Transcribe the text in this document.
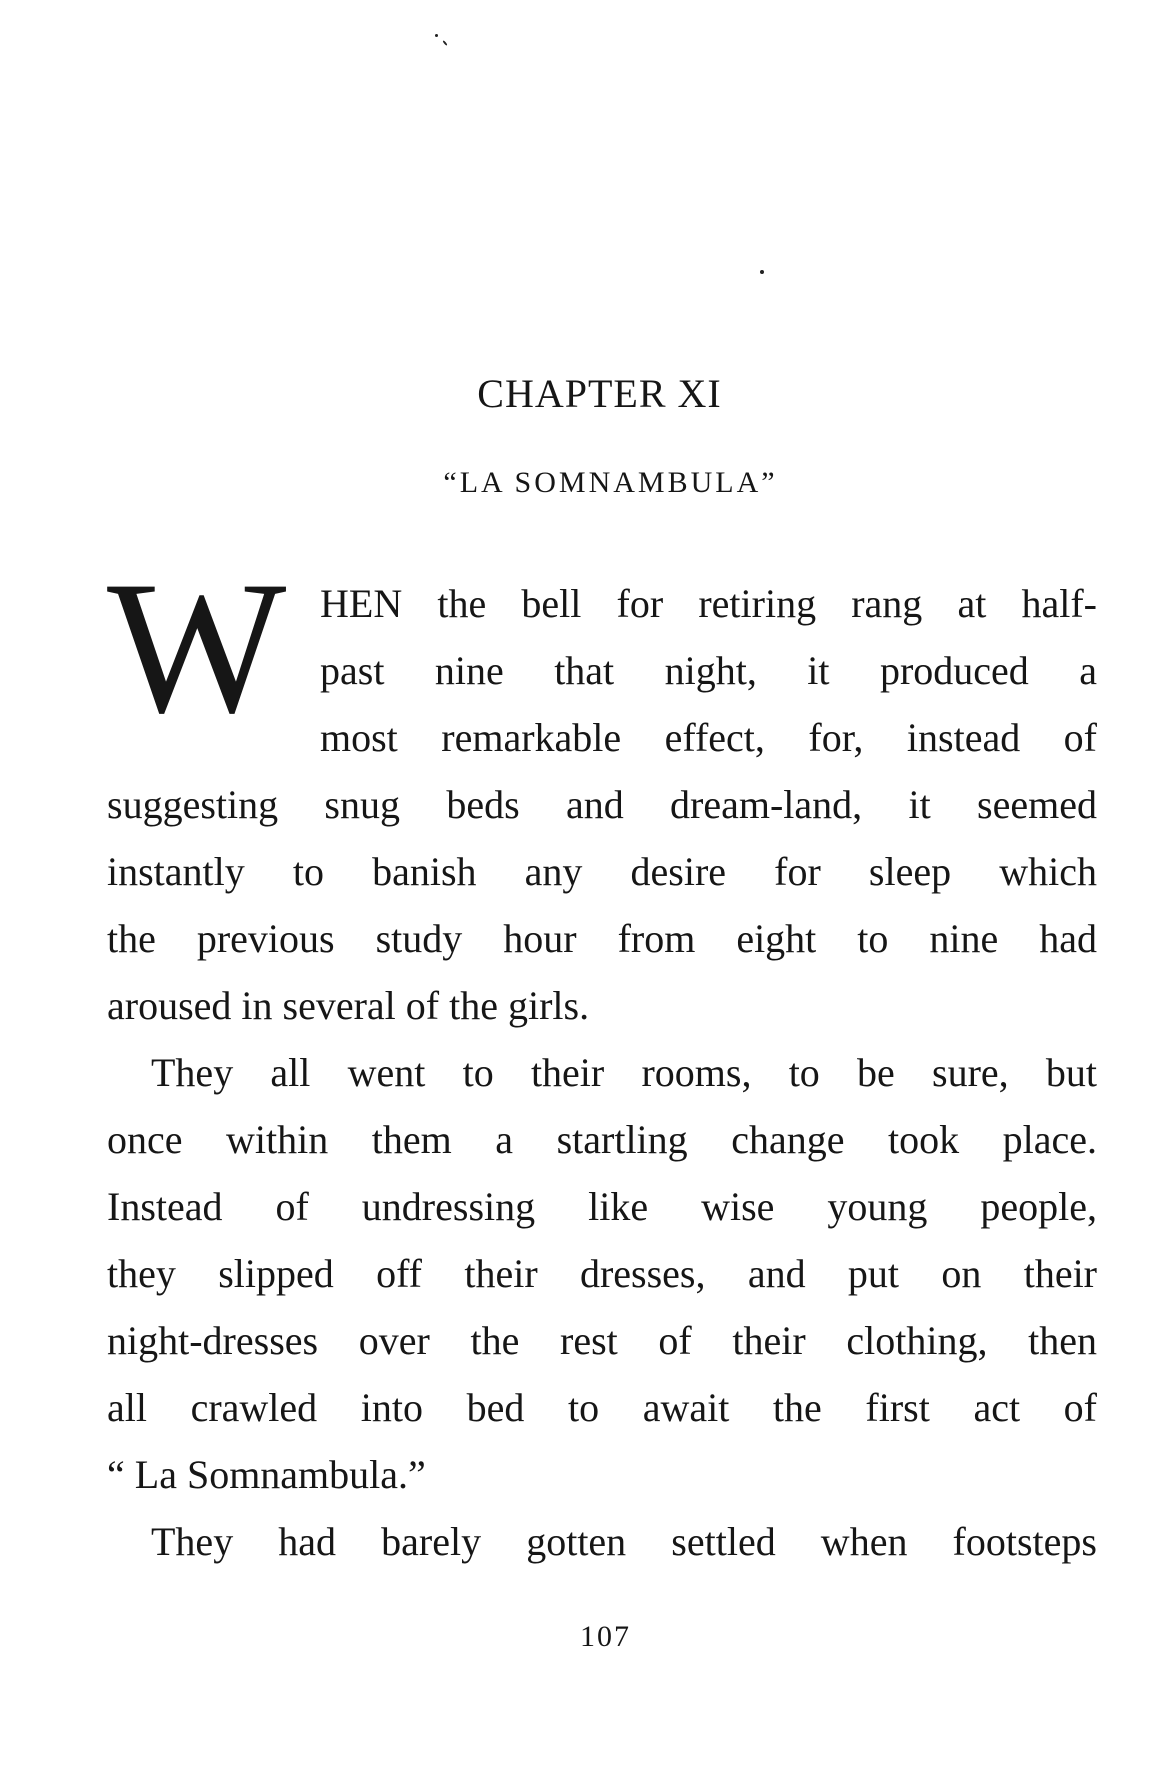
CHAPTER XI
“LA SOMNAMBULA”
W HEN the bell for retiring rang at half-
past nine that night, it produced a
most remarkable effect, for, instead of
suggesting snug beds and dream-land, it seemed
instantly to banish any desire for sleep which
the previous study hour from eight to nine had
aroused in several of the girls.
They all went to their rooms, to be sure, but
once within them a startling change took place.
Instead of undressing like wise young people,
they slipped off their dresses, and put on their
night-dresses over the rest of their clothing, then
all crawled into bed to await the first act of
“ La Somnambula.”
They had barely gotten settled when footsteps
107
